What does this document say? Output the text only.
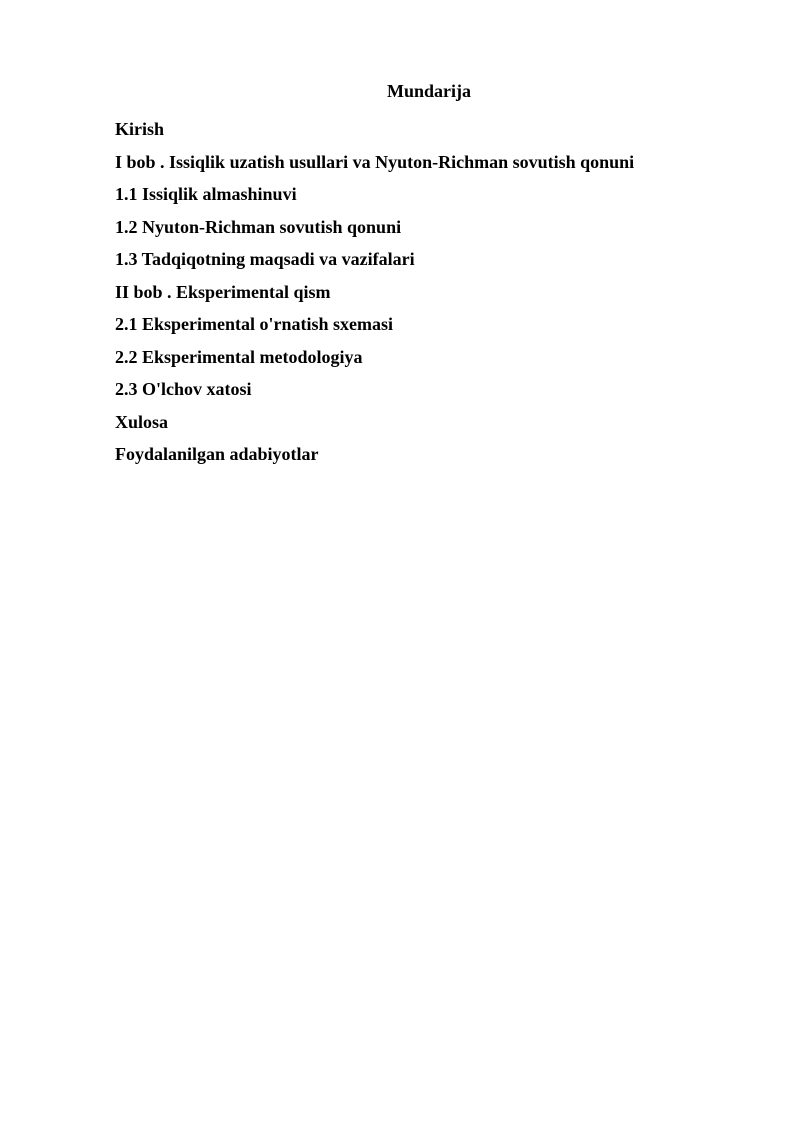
Mundarija
Kirish
I bob . Issiqlik uzatish usullari va Nyuton-Richman sovutish qonuni
1.1 Issiqlik almashinuvi
1.2 Nyuton-Richman sovutish qonuni
1.3 Tadqiqotning maqsadi va vazifalari
II bob . Eksperimental qism
2.1 Eksperimental o'rnatish sxemasi
2.2 Eksperimental metodologiya
2.3 O'lchov xatosi
Xulosa
Foydalanilgan adabiyotlar
